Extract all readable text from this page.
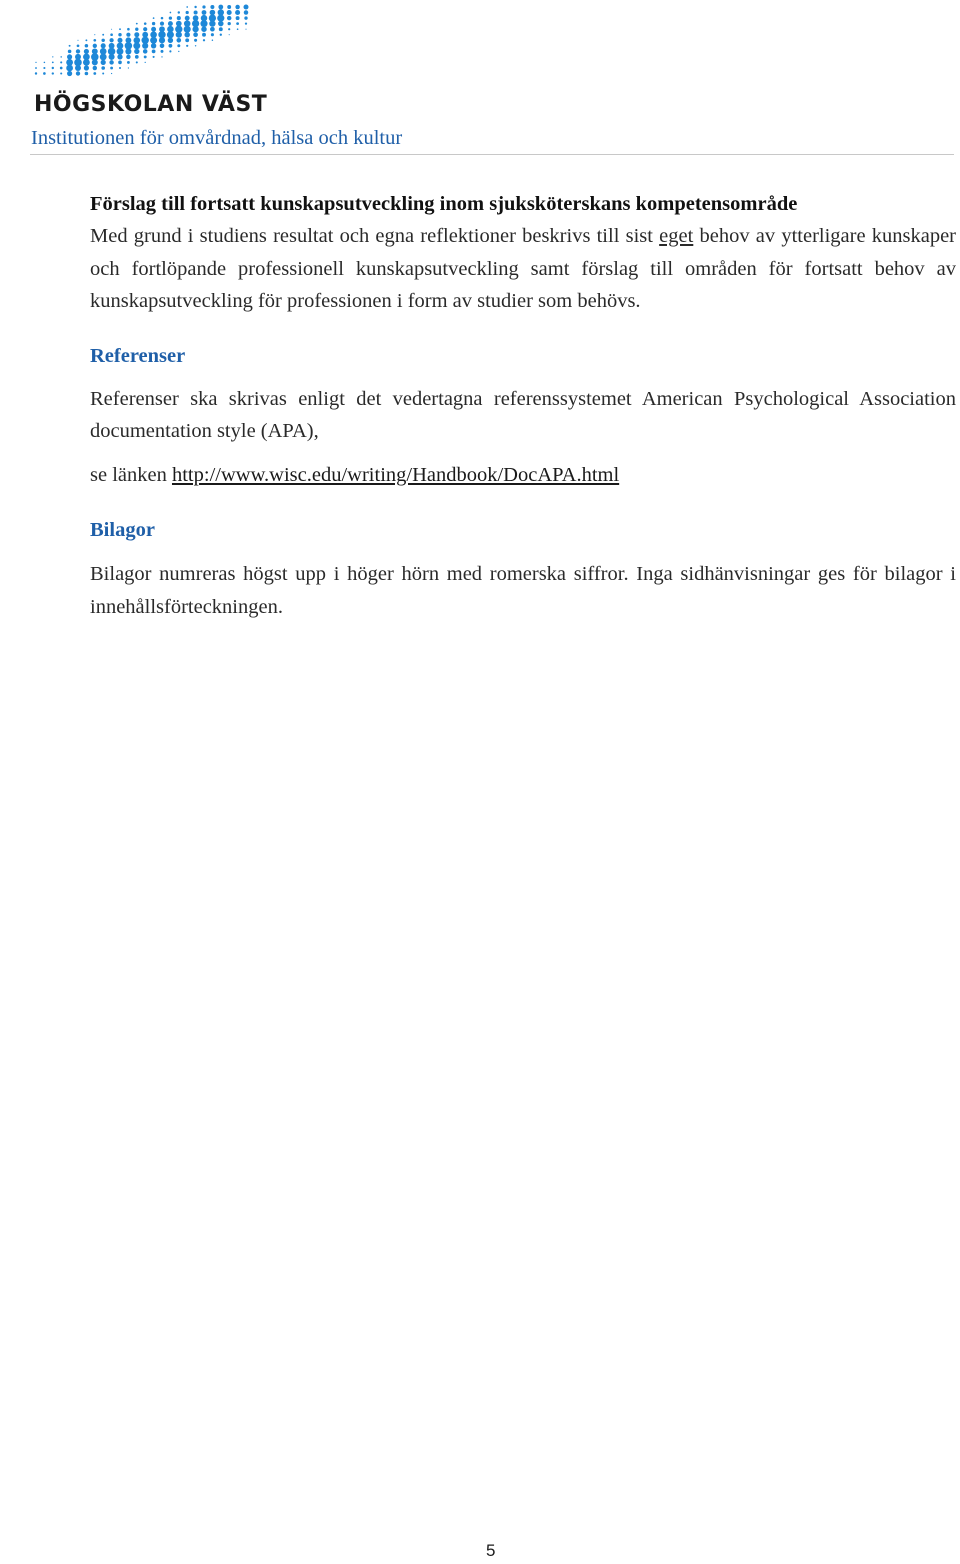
HÖGSKOLAN VÄST
Institutionen för omvårdnad, hälsa och kultur

Förslag till fortsatt kunskapsutveckling inom sjuksköterskans kompetensområde

Med grund i studiens resultat och egna reflektioner beskrivs till sist eget behov av ytterligare kunskaper och fortlöpande professionell kunskapsutveckling samt förslag till områden för fortsatt behov av kunskapsutveckling för professionen i form av studier som behövs.

Referenser

Referenser ska skrivas enligt det vedertagna referenssystemet American Psychological Association documentation style (APA),

se länken http://www.wisc.edu/writing/Handbook/DocAPA.html

Bilagor

Bilagor numreras högst upp i höger hörn med romerska siffror. Inga sidhänvisningar ges för bilagor i innehållsförteckningen.

5
